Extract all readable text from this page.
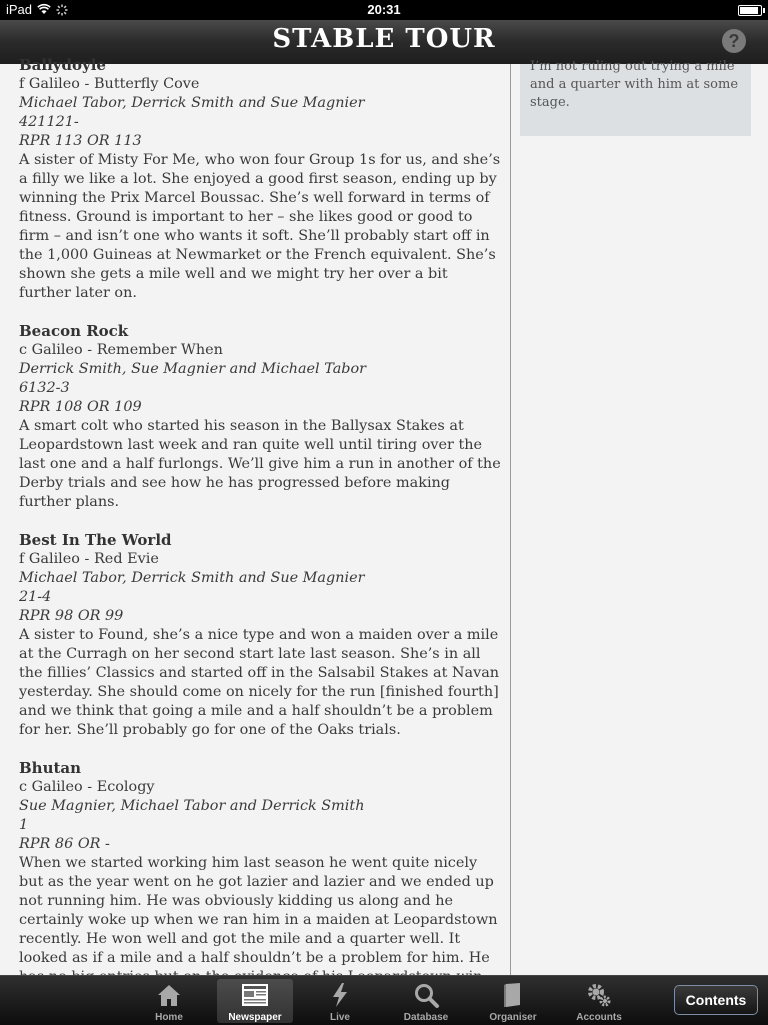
iPad	20:31
STABLE TOUR	?
Ballydoyle
f Galileo - Butterfly Cove
Michael Tabor, Derrick Smith and Sue Magnier
421121-
RPR 113 OR 113
A sister of Misty For Me, who won four Group 1s for us, and she’s a filly we like a lot. She enjoyed a good first season, ending up by winning the Prix Marcel Boussac. She’s well forward in terms of fitness. Ground is important to her – she likes good or good to firm – and isn’t one who wants it soft. She’ll probably start off in the 1,000 Guineas at Newmarket or the French equivalent. She’s shown she gets a mile well and we might try her over a bit further later on.
Beacon Rock
c Galileo - Remember When
Derrick Smith, Sue Magnier and Michael Tabor
6132-3
RPR 108 OR 109
A smart colt who started his season in the Ballysax Stakes at Leopardstown last week and ran quite well until tiring over the last one and a half furlongs. We’ll give him a run in another of the Derby trials and see how he has progressed before making further plans.
Best In The World
f Galileo - Red Evie
Michael Tabor, Derrick Smith and Sue Magnier
21-4
RPR 98 OR 99
A sister to Found, she’s a nice type and won a maiden over a mile at the Curragh on her second start late last season. She’s in all the fillies’ Classics and started off in the Salsabil Stakes at Navan yesterday. She should come on nicely for the run [finished fourth] and we think that going a mile and a half shouldn’t be a problem for her. She’ll probably go for one of the Oaks trials.
Bhutan
c Galileo - Ecology
Sue Magnier, Michael Tabor and Derrick Smith
1
RPR 86 OR -
When we started working him last season he went quite nicely but as the year went on he got lazier and lazier and we ended up not running him. He was obviously kidding us along and he certainly woke up when we ran him in a maiden at Leopardstown recently. He won well and got the mile and a quarter well. It looked as if a mile and a half shouldn’t be a problem for him. He
I’m not ruling out trying a mile and a quarter with him at some stage.
Home	Newspaper	Live	Database	Organiser	Accounts
Contents
